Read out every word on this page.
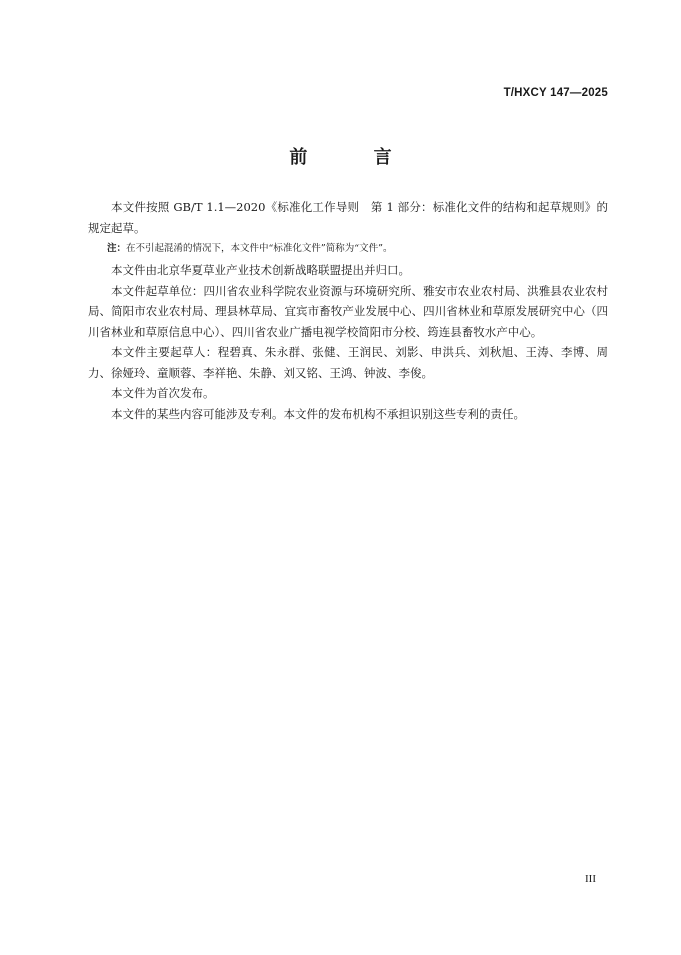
T/HXCY 147—2025
前 言

本文件按照 GB/T 1.1—2020《标准化工作导则　第 1 部分：标准化文件的结构和起草规则》的规定起草。

注：在不引起混淆的情况下，本文件中“标准化文件”简称为“文件”。

本文件由北京华夏草业产业技术创新战略联盟提出并归口。

本文件起草单位：四川省农业科学院农业资源与环境研究所、雅安市农业农村局、洪雅县农业农村局、简阳市农业农村局、理县林草局、宜宾市畜牧产业发展中心、四川省林业和草原发展研究中心（四川省林业和草原信息中心）、四川省农业广播电视学校简阳市分校、筠连县畜牧水产中心。

本文件主要起草人：程碧真、朱永群、张健、王润民、刘影、申洪兵、刘秋旭、王涛、李博、周力、徐娅玲、童顺蓉、李祥艳、朱静、刘又铭、王鸿、钟波、李俊。

本文件为首次发布。

本文件的某些内容可能涉及专利。本文件的发布机构不承担识别这些专利的责任。

III
